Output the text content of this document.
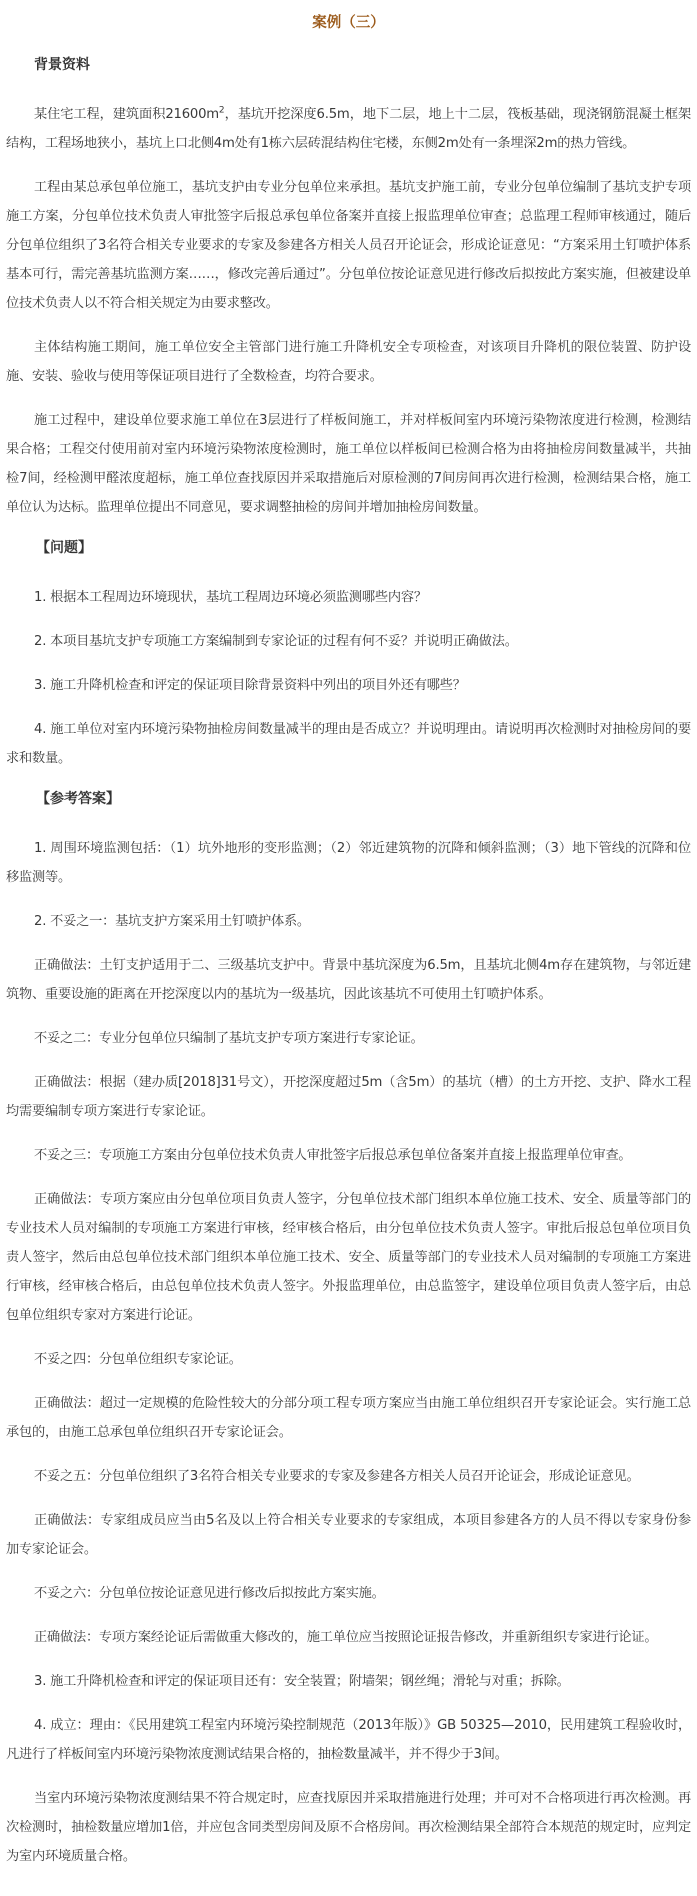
案例（三）
背景资料

某住宅工程，建筑面积$21600m^2$，基坑开挖深度6.5m，地下二层，地上十二层，筏板基础，现浇钢筋混凝土框架结构，工程场地狭小，基坑上口北侧4m处有1栋六层砖混结构住宅楼，东侧2m处有一条埋深2m的热力管线。

工程由某总承包单位施工，基坑支护由专业分包单位来承担。基坑支护施工前，专业分包单位编制了基坑支护专项施工方案，分包单位技术负责人审批签字后报总承包单位备案并直接上报监理单位审查；总监理工程师审核通过，随后分包单位组织了3名符合相关专业要求的专家及参建各方相关人员召开论证会，形成论证意见：“方案采用土钉喷护体系基本可行，需完善基坑监测方案……，修改完善后通过”。分包单位按论证意见进行修改后拟按此方案实施，但被建设单位技术负责人以不符合相关规定为由要求整改。

主体结构施工期间，施工单位安全主管部门进行施工升降机安全专项检查，对该项目升降机的限位装置、防护设施、安装、验收与使用等保证项目进行了全数检查，均符合要求。

施工过程中，建设单位要求施工单位在3层进行了样板间施工，并对样板间室内环境污染物浓度进行检测，检测结果合格；工程交付使用前对室内环境污染物浓度检测时，施工单位以样板间已检测合格为由将抽检房间数量减半，共抽检7间，经检测甲醛浓度超标，施工单位查找原因并采取措施后对原检测的7间房间再次进行检测，检测结果合格，施工单位认为达标。监理单位提出不同意见，要求调整抽检的房间并增加抽检房间数量。

【问题】

1. 根据本工程周边环境现状，基坑工程周边环境必须监测哪些内容？

2. 本项目基坑支护专项施工方案编制到专家论证的过程有何不妥？并说明正确做法。

3. 施工升降机检查和评定的保证项目除背景资料中列出的项目外还有哪些？

4. 施工单位对室内环境污染物抽检房间数量减半的理由是否成立？并说明理由。请说明再次检测时对抽检房间的要求和数量。

【参考答案】

1. 周围环境监测包括：（1）坑外地形的变形监测；（2）邻近建筑物的沉降和倾斜监测；（3）地下管线的沉降和位移监测等。

2. 不妥之一：基坑支护方案采用土钉喷护体系。

正确做法：土钉支护适用于二、三级基坑支护中。背景中基坑深度为6.5m，且基坑北侧4m存在建筑物，与邻近建筑物、重要设施的距离在开挖深度以内的基坑为一级基坑，因此该基坑不可使用土钉喷护体系。

不妥之二：专业分包单位只编制了基坑支护专项方案进行专家论证。

正确做法：根据（建办质[2018]31号文），开挖深度超过5m（含5m）的基坑（槽）的土方开挖、支护、降水工程均需要编制专项方案进行专家论证。

不妥之三：专项施工方案由分包单位技术负责人审批签字后报总承包单位备案并直接上报监理单位审查。

正确做法：专项方案应由分包单位项目负责人签字，分包单位技术部门组织本单位施工技术、安全、质量等部门的专业技术人员对编制的专项施工方案进行审核，经审核合格后，由分包单位技术负责人签字。审批后报总包单位项目负责人签字，然后由总包单位技术部门组织本单位施工技术、安全、质量等部门的专业技术人员对编制的专项施工方案进行审核，经审核合格后，由总包单位技术负责人签字。外报监理单位，由总监签字，建设单位项目负责人签字后，由总包单位组织专家对方案进行论证。

不妥之四：分包单位组织专家论证。

正确做法：超过一定规模的危险性较大的分部分项工程专项方案应当由施工单位组织召开专家论证会。实行施工总承包的，由施工总承包单位组织召开专家论证会。

不妥之五：分包单位组织了3名符合相关专业要求的专家及参建各方相关人员召开论证会，形成论证意见。

正确做法：专家组成员应当由5名及以上符合相关专业要求的专家组成，本项目参建各方的人员不得以专家身份参加专家论证会。

不妥之六：分包单位按论证意见进行修改后拟按此方案实施。

正确做法：专项方案经论证后需做重大修改的，施工单位应当按照论证报告修改，并重新组织专家进行论证。

3. 施工升降机检查和评定的保证项目还有：安全装置；附墙架；钢丝绳；滑轮与对重；拆除。

4. 成立：理由：《民用建筑工程室内环境污染控制规范（2013年版）》GB 50325—2010，民用建筑工程验收时，凡进行了样板间室内环境污染物浓度测试结果合格的，抽检数量减半，并不得少于3间。

当室内环境污染物浓度测结果不符合规定时，应查找原因并采取措施进行处理；并可对不合格项进行再次检测。再次检测时，抽检数量应增加1倍，并应包含同类型房间及原不合格房间。再次检测结果全部符合本规范的规定时，应判定为室内环境质量合格。
